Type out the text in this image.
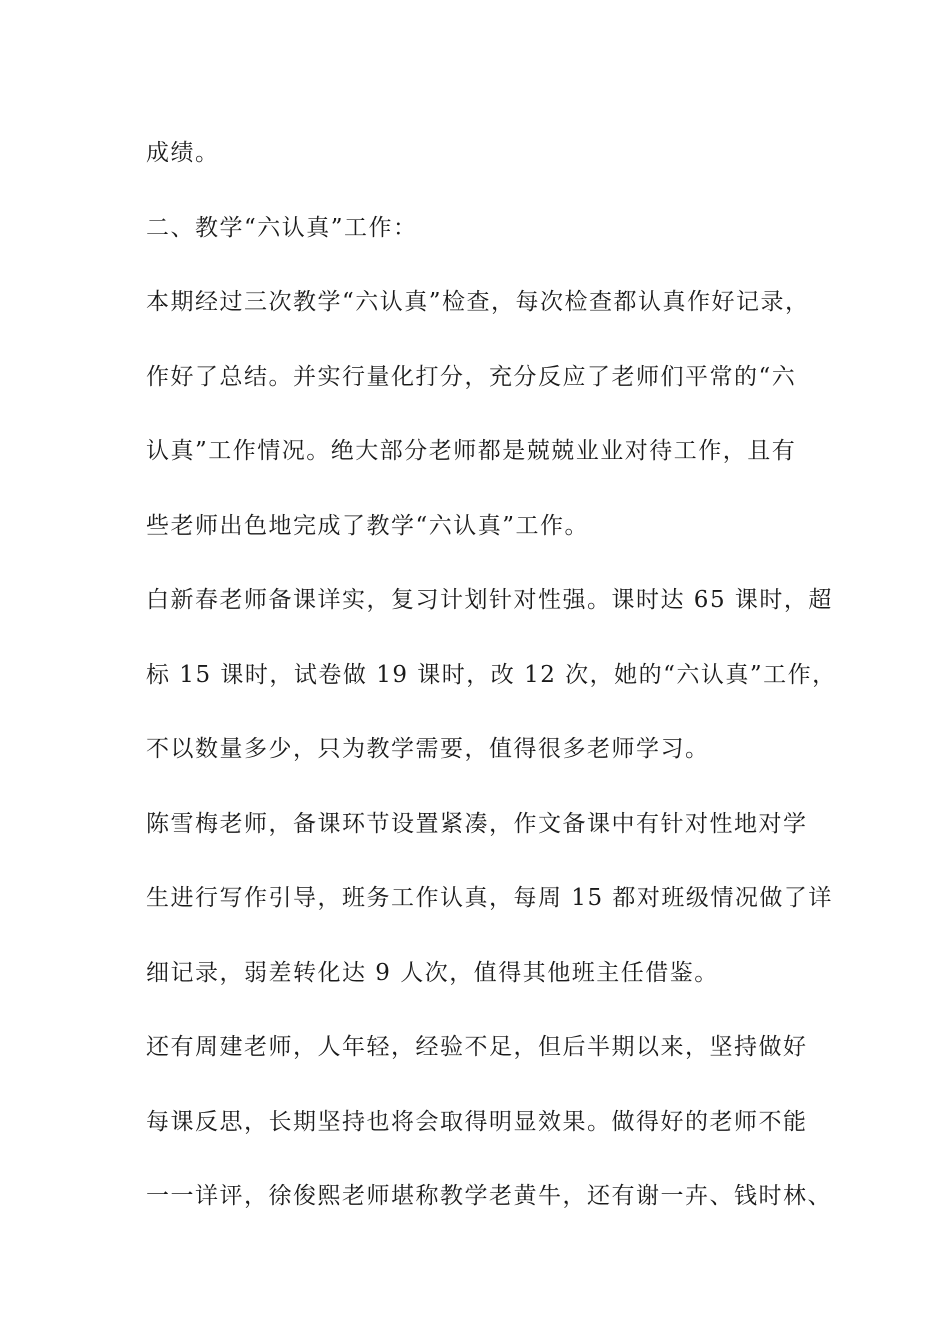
成绩。
二、教学“六认真”工作：
本期经过三次教学“六认真”检查，每次检查都认真作好记录，
作好了总结。并实行量化打分，充分反应了老师们平常的“六
认真”工作情况。绝大部分老师都是兢兢业业对待工作，且有
些老师出色地完成了教学“六认真”工作。
白新春老师备课详实，复习计划针对性强。课时达 65 课时，超
标 15 课时，试卷做 19 课时，改 12 次，她的“六认真”工作，
不以数量多少，只为教学需要，值得很多老师学习。
陈雪梅老师，备课环节设置紧凑，作文备课中有针对性地对学
生进行写作引导，班务工作认真，每周 15 都对班级情况做了详
细记录，弱差转化达 9 人次，值得其他班主任借鉴。
还有周建老师，人年轻，经验不足，但后半期以来，坚持做好
每课反思，长期坚持也将会取得明显效果。做得好的老师不能
一一详评，徐俊熙老师堪称教学老黄牛，还有谢一卉、钱时林、
